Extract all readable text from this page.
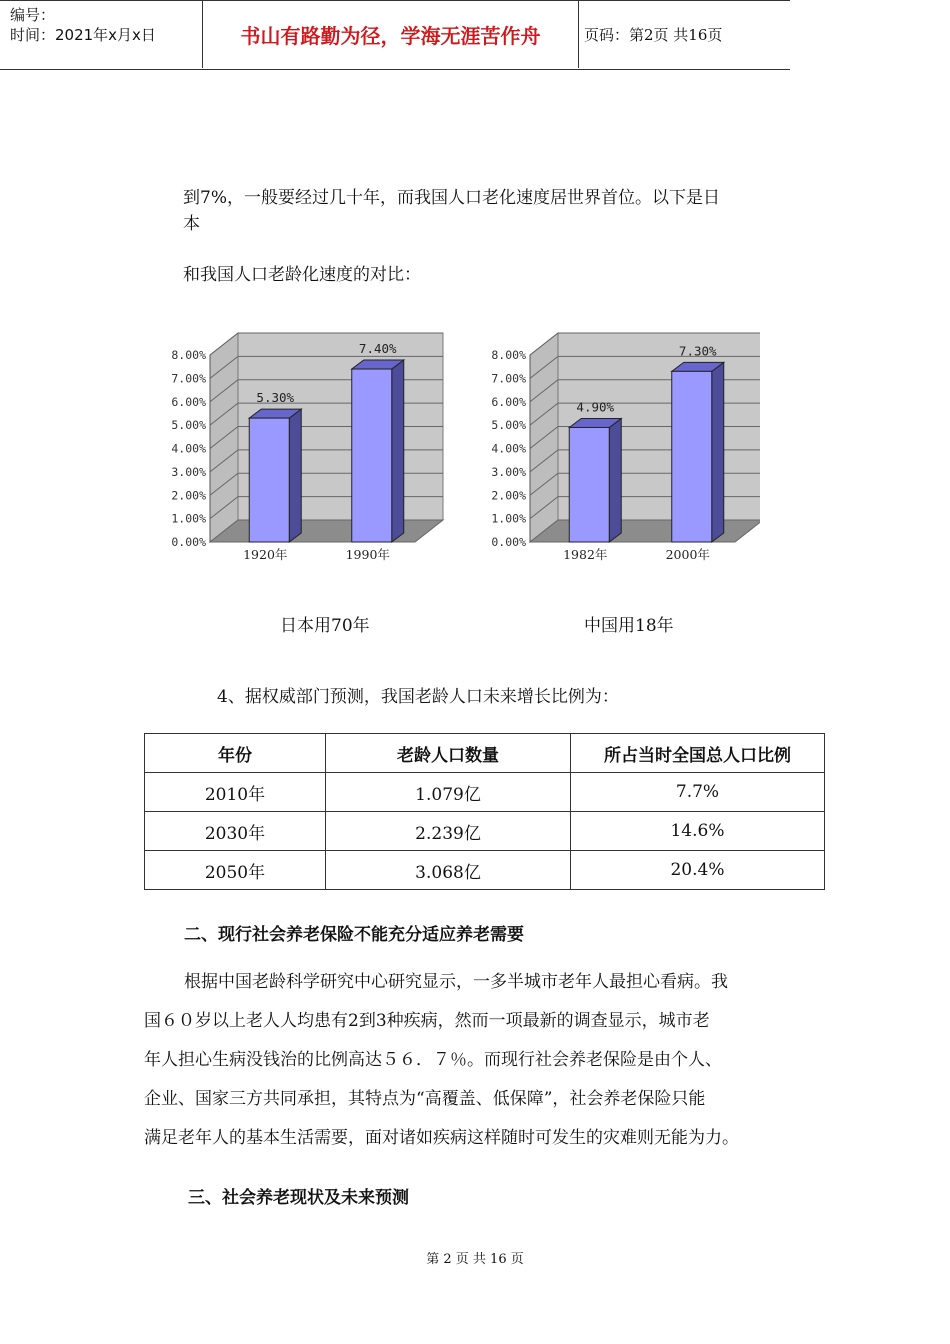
编号：
时间：2021年x月x日	书山有路勤为径，学海无涯苦作舟	页码：第2页 共16页
到7%，一般要经过几十年，而我国人口老化速度居世界首位。以下是日
本
和我国人口老龄化速度的对比：
0.00%
1.00%
2.00%
3.00%
4.00%
5.00%
6.00%
7.00%
8.00%
5.30%
1920年
7.40%
1990年
0.00%
1.00%
2.00%
3.00%
4.00%
5.00%
6.00%
7.00%
8.00%
4.90%
1982年
7.30%
2000年
日本用70年	中国用18年
4、据权威部门预测，我国老龄人口未来增长比例为：
年份	老龄人口数量	所占当时全国总人口比例
2010年	1.079亿	7.7%
2030年	2.239亿	14.6%
2050年	3.068亿	20.4%
二、现行社会养老保险不能充分适应养老需要
根据中国老龄科学研究中心研究显示，一多半城市老年人最担心看病。我
国６０岁以上老人人均患有2到3种疾病，然而一项最新的调查显示，城市老
年人担心生病没钱治的比例高达５６．７％。而现行社会养老保险是由个人、
企业、国家三方共同承担，其特点为“高覆盖、低保障”，社会养老保险只能
满足老年人的基本生活需要，面对诸如疾病这样随时可发生的灾难则无能为力。
三、社会养老现状及未来预测
第 2 页 共 16 页
